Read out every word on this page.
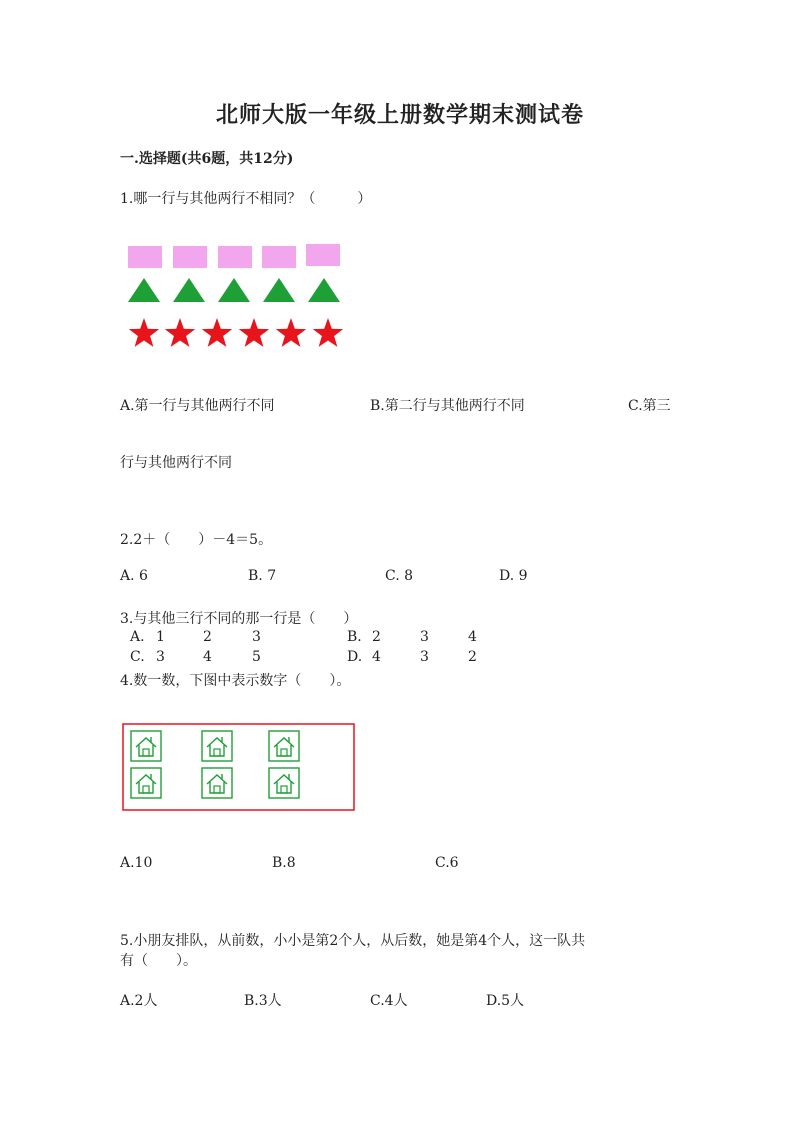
北师大版一年级上册数学期末测试卷
一.选择题(共6题，共12分)
1.哪一行与其他两行不相同？（　　　）
A.第一行与其他两行不同	B.第二行与其他两行不同	C.第三
行与其他两行不同
2.2＋（　　）－4＝5。
A. 6	B. 7	C. 8	D. 9
3.与其他三行不同的那一行是（　　）
A. 1	2	3	B. 2	3	4
C. 3	4	5	D. 4	3	2
4.数一数，下图中表示数字（　　）。
A.10	B.8	C.6
5.小朋友排队，从前数，小小是第2个人，从后数，她是第4个人，这一队共
有（　　）。
A.2人	B.3人	C.4人	D.5人
